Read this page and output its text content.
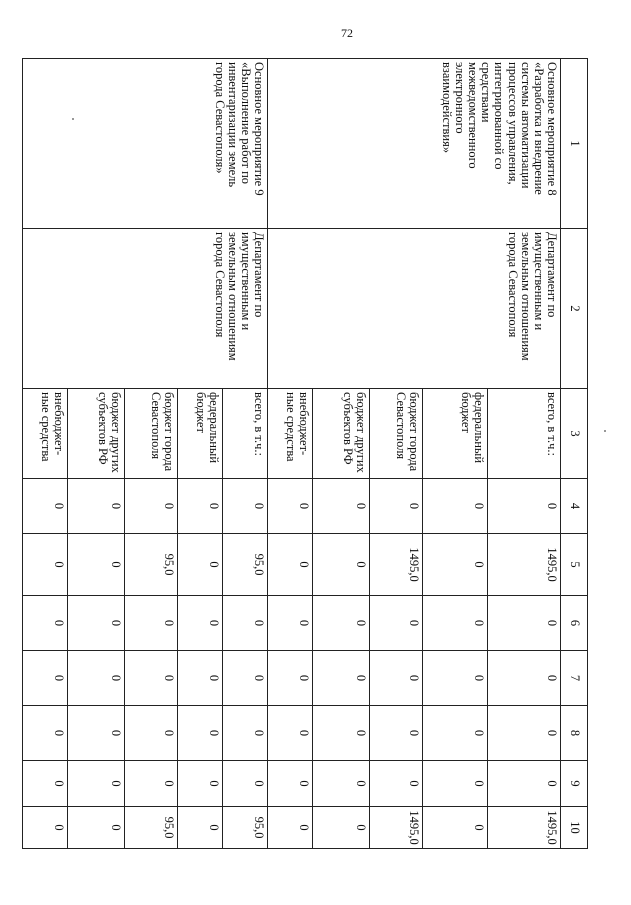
72
1	2	3	4	5	6	7	8	9	10
Основное мероприятие 8 «Разработка и внедрение системы автоматизации процессов управления, интегрированной со средствами межведомственного электронного взаимодействия»	Департамент по имущественным и земельным отношениям города Севастополя	всего, в т.ч.:	0	1495,0	0	0	0	0	1495,0
		федеральный бюджет	0	0	0	0	0	0	0
		бюджет города Севастополя	0	1495,0	0	0	0	0	1495,0
		бюджет других субъектов РФ	0	0	0	0	0	0	0
		внебюджет-ные средства	0	0	0	0	0	0	0
Основное мероприятие 9 «Выполнение работ по инвентаризации земель города Севастополя»	Департамент по имущественным и земельным отношениям города Севастополя	всего, в т.ч.:	0	95,0	0	0	0	0	95,0
		федеральный бюджет	0	0	0	0	0	0	0
		бюджет города Севастополя	0	95,0	0	0	0	0	95,0
		бюджет других субъектов РФ	0	0	0	0	0	0	0
		внебюджет-ные средства	0	0	0	0	0	0	0
